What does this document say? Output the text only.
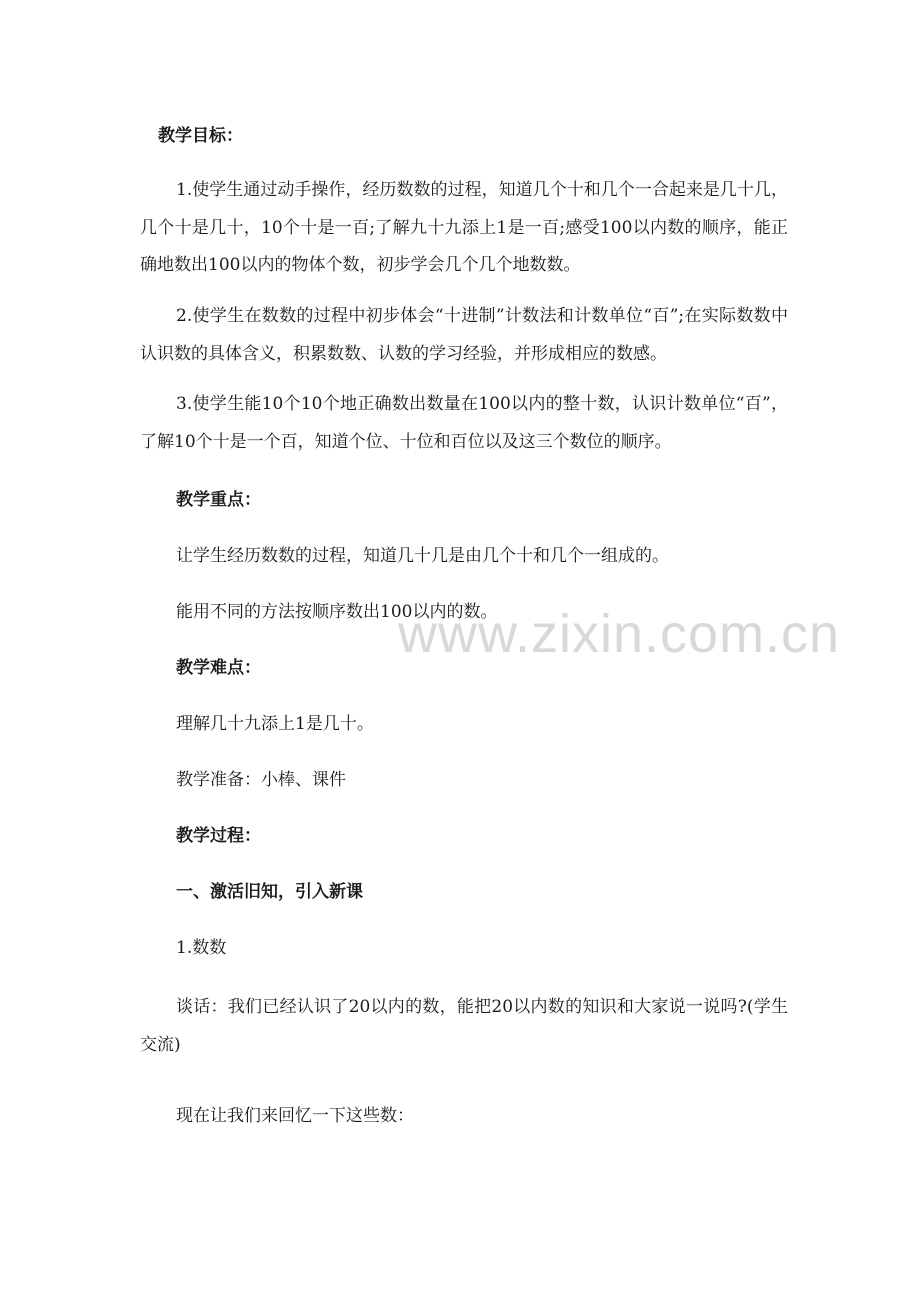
教学目标：

1.使学生通过动手操作，经历数数的过程，知道几个十和几个一合起来是几十几，几个十是几十，10个十是一百;了解九十九添上1是一百;感受100以内数的顺序，能正确地数出100以内的物体个数，初步学会几个几个地数数。

2.使学生在数数的过程中初步体会“十进制”计数法和计数单位“百”;在实际数数中认识数的具体含义，积累数数、认数的学习经验，并形成相应的数感。

3.使学生能10个10个地正确数出数量在100以内的整十数，认识计数单位“百”，了解10个十是一个百，知道个位、十位和百位以及这三个数位的顺序。

教学重点：

让学生经历数数的过程，知道几十几是由几个十和几个一组成的。

能用不同的方法按顺序数出100以内的数。

教学难点：

理解几十九添上1是几十。

教学准备：小棒、课件

教学过程：

一、激活旧知，引入新课

1.数数

谈话：我们已经认识了20以内的数，能把20以内数的知识和大家说一说吗?(学生交流)

现在让我们来回忆一下这些数：

www.zixin.com.cn
